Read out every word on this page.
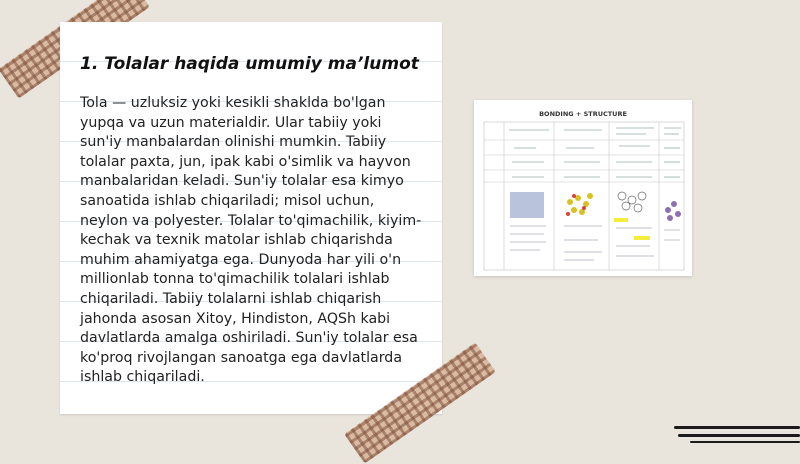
1. Tolalar haqida umumiy ma’lumot
Tola — uzluksiz yoki kesikli shaklda bo'lgan yupqa va uzun materialdir. Ular tabiiy yoki sun'iy manbalardan olinishi mumkin. Tabiiy tolalar paxta, jun, ipak kabi o'simlik va hayvon manbalaridan keladi. Sun'iy tolalar esa kimyo sanoatida ishlab chiqariladi; misol uchun, neylon va polyester. Tolalar to'qimachilik, kiyim-kechak va texnik matolar ishlab chiqarishda muhim ahamiyatga ega. Dunyoda har yili o'n millionlab tonna to'qimachilik tolalari ishlab chiqariladi. Tabiiy tolalarni ishlab chiqarish jahonda asosan Xitoy, Hindiston, AQSh kabi davlatlarda amalga oshiriladi. Sun'iy tolalar esa ko'proq rivojlangan sanoatga ega davlatlarda ishlab chiqariladi.
BONDING + STRUCTURE
